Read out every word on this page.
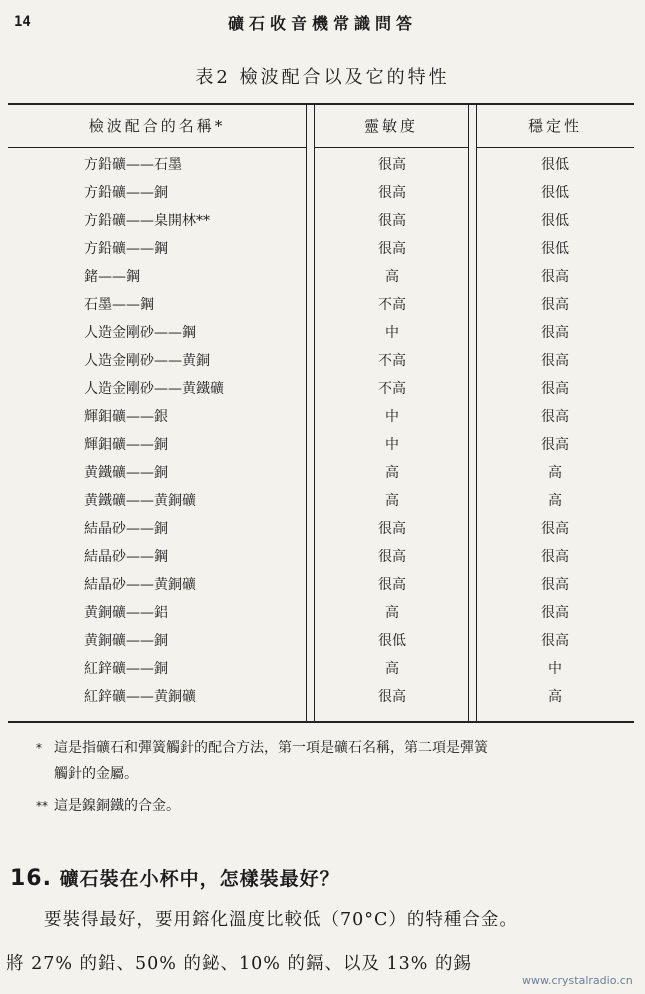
14	礦石收音機常識問答
表2 檢波配合以及它的特性
檢波配合的名稱*	靈敏度	穩定性
方鉛礦——石墨	很高	很低
方鉛礦——銅	很高	很低
方鉛礦——臬開林**	很高	很低
方鉛礦——鋼	很高	很低
鍺——鋼	高	很高
石墨——鋼	不高	很高
人造金剛砂——鋼	中	很高
人造金剛砂——黄銅	不高	很高
人造金剛砂——黄鐵礦	不高	很高
輝鉬礦——銀	中	很高
輝鉬礦——銅	中	很高
黄鐵礦——銅	高	高
黄鐵礦——黄銅礦	高	高
結晶砂——銅	很高	很高
結晶砂——鋼	很高	很高
結晶砂——黄銅礦	很高	很高
黄銅礦——鋁	高	很高
黄銅礦——銅	很低	很高
紅鋅礦——銅	高	中
紅鋅礦——黄銅礦	很高	高
* 這是指礦石和彈簧觸針的配合方法，第一項是礦石名稱，第二項是彈簧
觸針的金屬。
** 這是鎳銅鐵的合金。
16. 礦石裝在小杯中，怎樣裝最好？
要裝得最好，要用鎔化溫度比較低（70°C）的特種合金。
將 27% 的鉛、50% 的鉍、10% 的鎘、以及 13% 的錫
www.crystalradio.cn
